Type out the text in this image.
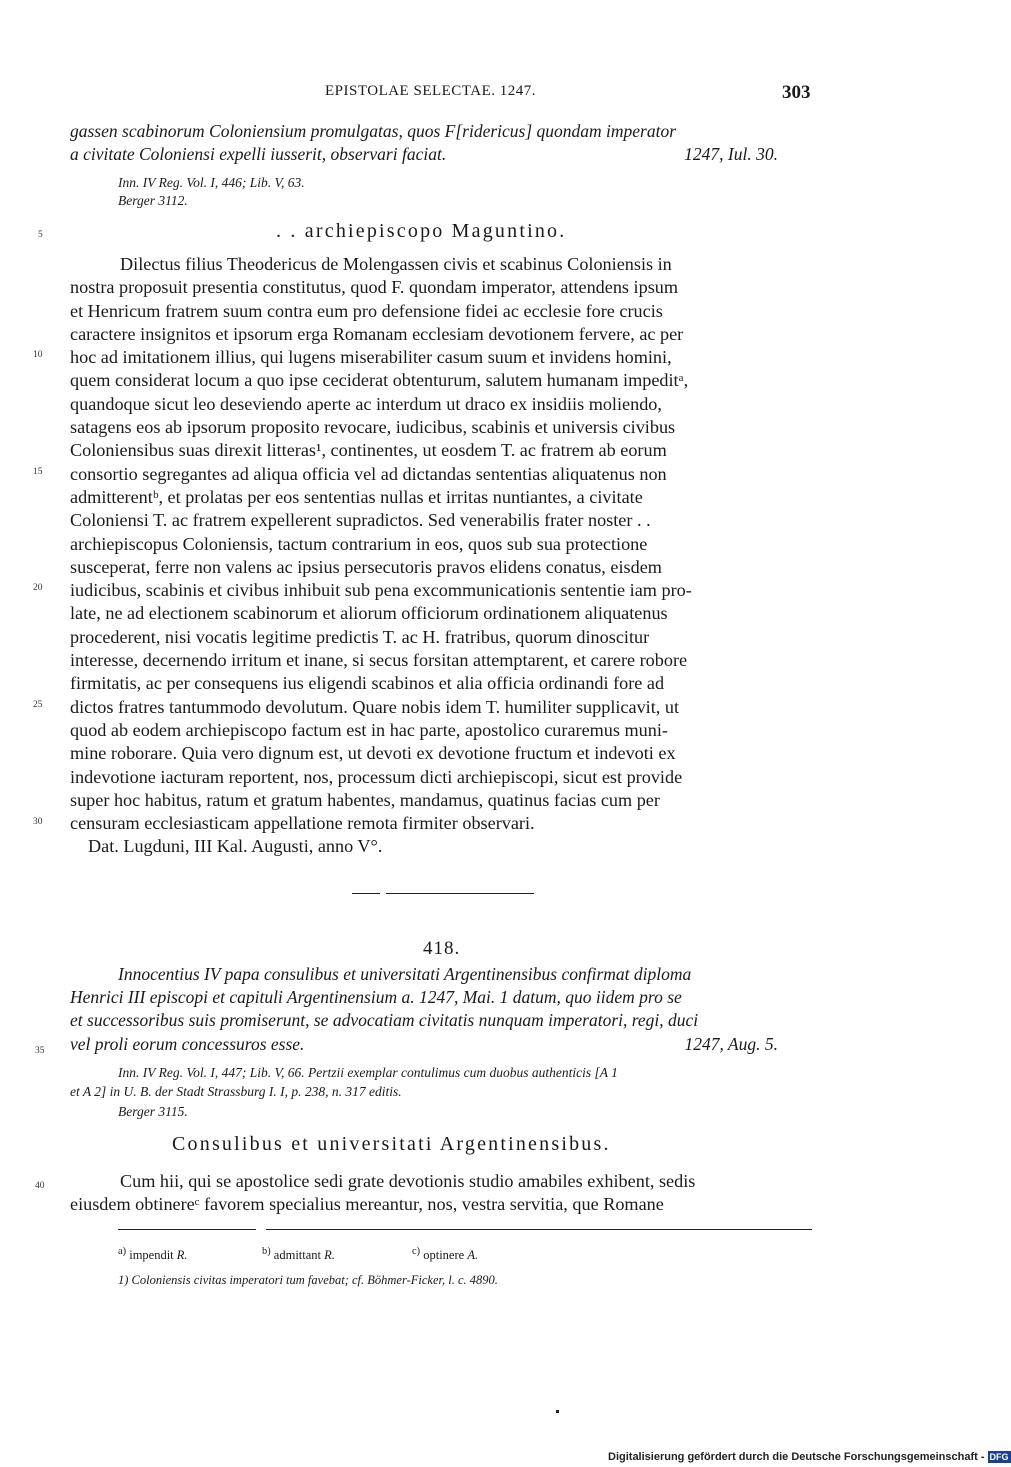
EPISTOLAE SELECTAE. 1247.	303
gassen scabinorum Coloniensium promulgatas, quos F[ridericus] quondam imperator
a civitate Coloniensi expelli iusserit, observari faciat.	1247, Iul. 30.
Inn. IV Reg. Vol. I, 446; Lib. V, 63.
Berger 3112.
5	. . archiepiscopo Maguntino.
Dilectus filius Theodericus de Molengassen civis et scabinus Coloniensis in
nostra proposuit presentia constitutus, quod F. quondam imperator, attendens ipsum
et Henricum fratrem suum contra eum pro defensione fidei ac ecclesie fore crucis
caractere insignitos et ipsorum erga Romanam ecclesiam devotionem fervere, ac per
hoc ad imitationem illius, qui lugens miserabiliter casum suum et invidens homini,
quem considerat locum a quo ipse ceciderat obtenturum, salutem humanam impeditᵃ,
quandoque sicut leo deseviendo aperte ac interdum ut draco ex insidiis moliendo,
satagens eos ab ipsorum proposito revocare, iudicibus, scabinis et universis civibus
Coloniensibus suas direxit litteras¹, continentes, ut eosdem T. ac fratrem ab eorum
consortio segregantes ad aliqua officia vel ad dictandas sententias aliquatenus non
admitterentᵇ, et prolatas per eos sententias nullas et irritas nuntiantes, a civitate
Coloniensi T. ac fratrem expellerent supradictos. Sed venerabilis frater noster . .
archiepiscopus Coloniensis, tactum contrarium in eos, quos sub sua protectione
susceperat, ferre non valens ac ipsius persecutoris pravos elidens conatus, eisdem
iudicibus, scabinis et civibus inhibuit sub pena excommunicationis sententie iam pro-
late, ne ad electionem scabinorum et aliorum officiorum ordinationem aliquatenus
procederent, nisi vocatis legitime predictis T. ac H. fratribus, quorum dinoscitur
interesse, decernendo irritum et inane, si secus forsitan attemptarent, et carere robore
firmitatis, ac per consequens ius eligendi scabinos et alia officia ordinandi fore ad
dictos fratres tantummodo devolutum. Quare nobis idem T. humiliter supplicavit, ut
quod ab eodem archiepiscopo factum est in hac parte, apostolico curaremus muni-
mine roborare. Quia vero dignum est, ut devoti ex devotione fructum et indevoti ex
indevotione iacturam reportent, nos, processum dicti archiepiscopi, sicut est provide
super hoc habitus, ratum et gratum habentes, mandamus, quatinus facias cum per
censuram ecclesiasticam appellatione remota firmiter observari.
Dat. Lugduni, III Kal. Augusti, anno V°.
10
15
20
25
30
418.
Innocentius IV papa consulibus et universitati Argentinensibus confirmat diploma
Henrici III episcopi et capituli Argentinensium a. 1247, Mai. 1 datum, quo iidem pro se
et successoribus suis promiserunt, se advocatiam civitatis nunquam imperatori, regi, duci
vel proli eorum concessuros esse.	1247, Aug. 5.
35
Inn. IV Reg. Vol. I, 447; Lib. V, 66. Pertzii exemplar contulimus cum duobus authenticis [A 1
et A 2] in U. B. der Stadt Strassburg I. I, p. 238, n. 317 editis.
Berger 3115.
Consulibus et universitati Argentinensibus.
Cum hii, qui se apostolice sedi grate devotionis studio amabiles exhibent, sedis
eiusdem obtinereᶜ favorem specialius mereantur, nos, vestra servitia, que Romane
40
$^{a)}$ impendit R.	$^{b)}$ admittant R.	$^{c)}$ optinere A.
1) Coloniensis civitas imperatori tum favebat; cf. Böhmer-Ficker, l. c. 4890.
Digitalisierung gefördert durch die Deutsche Forschungsgemeinschaft - DFG
